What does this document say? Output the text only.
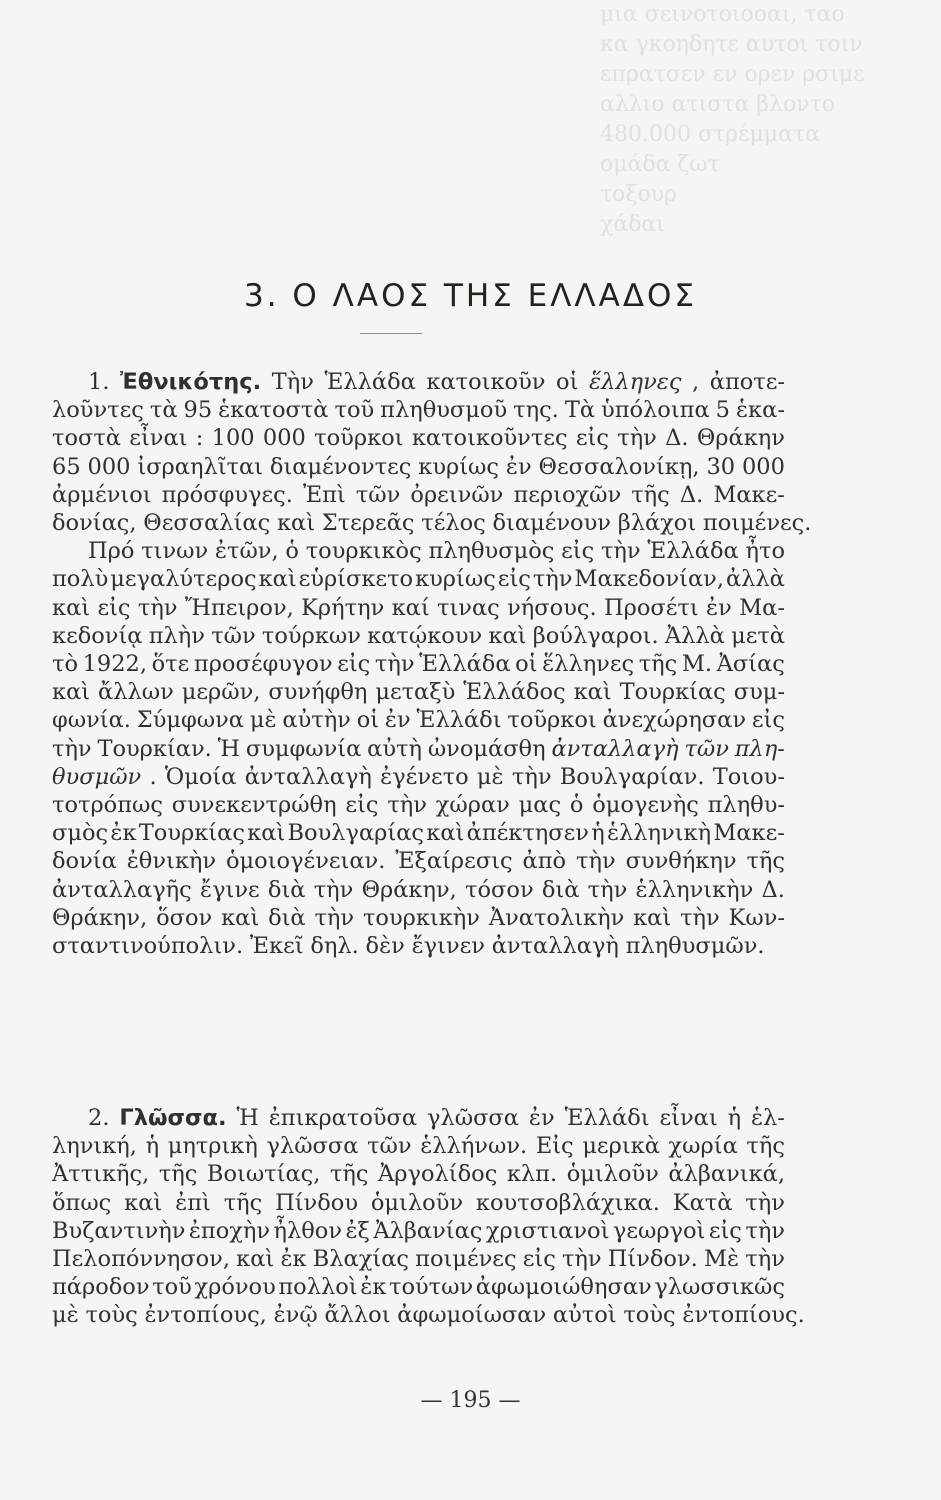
μια σεινοτοιοοαι, ταο
κα γκοηδητε αυτοι τοιν
επρατσεν εν ορεν ρσιμε
αλλιο ατιστα βλοντο
480.000 στρέμματα
ομάδα ζωτ
τοξουρ
χάδαι
3. Ο ΛΑΟΣ ΤΗΣ ΕΛΛΑΔΟΣ
1. Ἐθνικότης. Τὴν Ἑλλάδα κατοικοῦν οἱ ἕλληνες , ἀποτε-
λοῦντες τὰ 95 ἑκατοστὰ τοῦ πληθυσμοῦ της. Τὰ ὑπόλοιπα 5 ἑκα-
τοστὰ εἶναι : 100 000 τοῦρκοι κατοικοῦντες εἰς τὴν Δ. Θράκην
65 000 ἰσραηλῖται διαμένοντες κυρίως ἐν Θεσσαλονίκῃ, 30 000
ἀρμένιοι πρόσφυγες. Ἐπὶ τῶν ὀρεινῶν περιοχῶν τῆς Δ. Μακε-
δονίας, Θεσσαλίας καὶ Στερεᾶς τέλος διαμένουν βλάχοι ποιμένες.
Πρό τινων ἐτῶν, ὁ τουρκικὸς πληθυσμὸς εἰς τὴν Ἑλλάδα ἦτο
πολὺ μεγαλύτερος καὶ εὑρίσκετο κυρίως εἰς τὴν Μακεδονίαν, ἀλλὰ
καὶ εἰς τὴν Ἤπειρον, Κρήτην καί τινας νήσους. Προσέτι ἐν Μα-
κεδονίᾳ πλὴν τῶν τούρκων κατῴκουν καὶ βούλγαροι. Ἀλλὰ μετὰ
τὸ 1922, ὅτε προσέφυγον εἰς τὴν Ἑλλάδα οἱ ἕλληνες τῆς Μ. Ἀσίας
καὶ ἄλλων μερῶν, συνήφθη μεταξὺ Ἑλλάδος καὶ Τουρκίας συμ-
φωνία. Σύμφωνα μὲ αὐτὴν οἱ ἐν Ἑλλάδι τοῦρκοι ἀνεχώρησαν εἰς
τὴν Τουρκίαν. Ἡ συμφωνία αὐτὴ ὠνομάσθη ἀνταλλαγὴ τῶν πλη-
θυσμῶν . Ὁμοία ἀνταλλαγὴ ἐγένετο μὲ τὴν Βουλγαρίαν. Τοιου-
τοτρόπως συνεκεντρώθη εἰς τὴν χώραν μας ὁ ὁμογενὴς πληθυ-
σμὸς ἐκ Τουρκίας καὶ Βουλγαρίας καὶ ἀπέκτησεν ἡ ἑλληνικὴ Μακε-
δονία ἐθνικὴν ὁμοιογένειαν. Ἐξαίρεσις ἀπὸ τὴν συνθήκην τῆς
ἀνταλλαγῆς ἔγινε διὰ τὴν Θράκην, τόσον διὰ τὴν ἑλληνικὴν Δ.
Θράκην, ὅσον καὶ διὰ τὴν τουρκικὴν Ἀνατολικὴν καὶ τὴν Κων-
σταντινούπολιν. Ἐκεῖ δηλ. δὲν ἔγινεν ἀνταλλαγὴ πληθυσμῶν.
2. Γλῶσσα. Ἡ ἐπικρατοῦσα γλῶσσα ἐν Ἑλλάδι εἶναι ἡ ἑλ-
ληνική, ἡ μητρικὴ γλῶσσα τῶν ἑλλήνων. Εἰς μερικὰ χωρία τῆς
Ἀττικῆς, τῆς Βοιωτίας, τῆς Ἀργολίδος κλπ. ὁμιλοῦν ἀλβανικά,
ὅπως καὶ ἐπὶ τῆς Πίνδου ὁμιλοῦν κουτσοβλάχικα. Κατὰ τὴν
Βυζαντινὴν ἐποχὴν ἦλθον ἐξ Ἀλβανίας χριστιανοὶ γεωργοὶ εἰς τὴν
Πελοπόννησον, καὶ ἐκ Βλαχίας ποιμένες εἰς τὴν Πίνδον. Μὲ τὴν
πάροδον τοῦ χρόνου πολλοὶ ἐκ τούτων ἀφωμοιώθησαν γλωσσικῶς
μὲ τοὺς ἐντοπίους, ἐνῷ ἄλλοι ἀφωμοίωσαν αὐτοὶ τοὺς ἐντοπίους.
— 195 —
